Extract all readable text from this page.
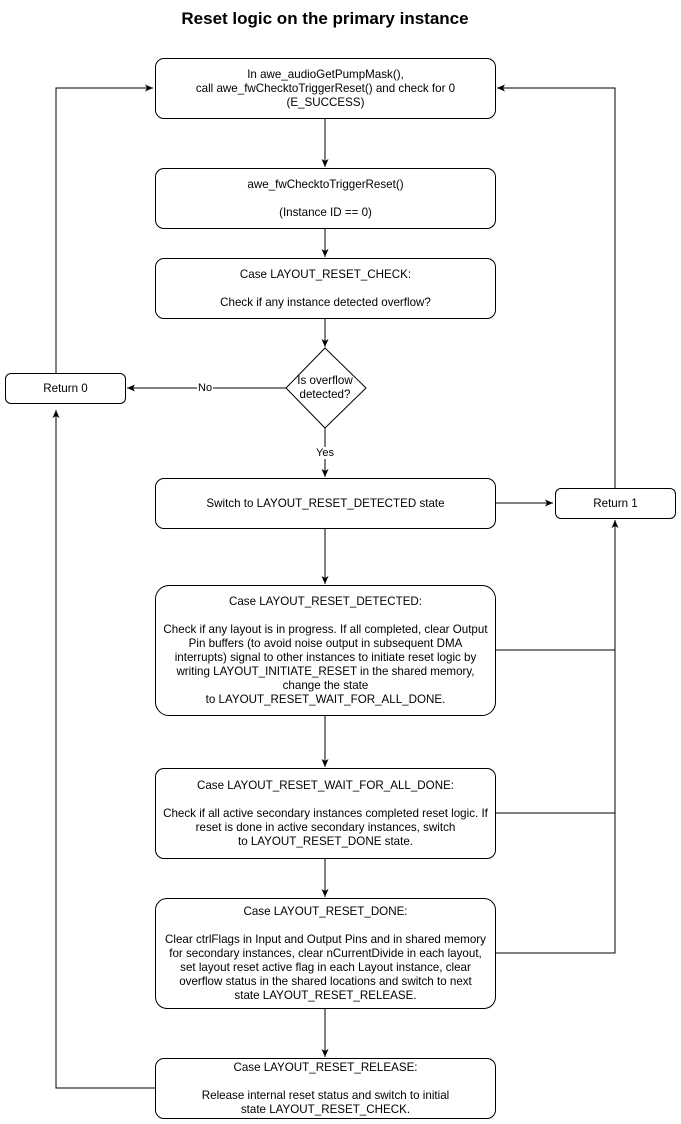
Reset logic on the primary instance
In awe_audioGetPumpMask(),
call awe_fwChecktoTriggerReset() and check for 0
(E_SUCCESS)
awe_fwChecktoTriggerReset()
(Instance ID == 0)
Case LAYOUT_RESET_CHECK:
Check if any instance detected overflow?
Is overflow
detected?
No
Yes
Return 0
Switch to LAYOUT_RESET_DETECTED state	Return 1
Case LAYOUT_RESET_DETECTED:
Check if any layout is in progress. If all completed, clear Output
Pin buffers (to avoid noise output in subsequent DMA
interrupts) signal to other instances to initiate reset logic by
writing LAYOUT_INITIATE_RESET in the shared memory,
change the state
to LAYOUT_RESET_WAIT_FOR_ALL_DONE.
Case LAYOUT_RESET_WAIT_FOR_ALL_DONE:
Check if all active secondary instances completed reset logic. If
reset is done in active secondary instances, switch
to LAYOUT_RESET_DONE state.
Case LAYOUT_RESET_DONE:
Clear ctrlFlags in Input and Output Pins and in shared memory
for secondary instances, clear nCurrentDivide in each layout,
set layout reset active flag in each Layout instance, clear
overflow status in the shared locations and switch to next
state LAYOUT_RESET_RELEASE.
Case LAYOUT_RESET_RELEASE:
Release internal reset status and switch to initial
state LAYOUT_RESET_CHECK.
